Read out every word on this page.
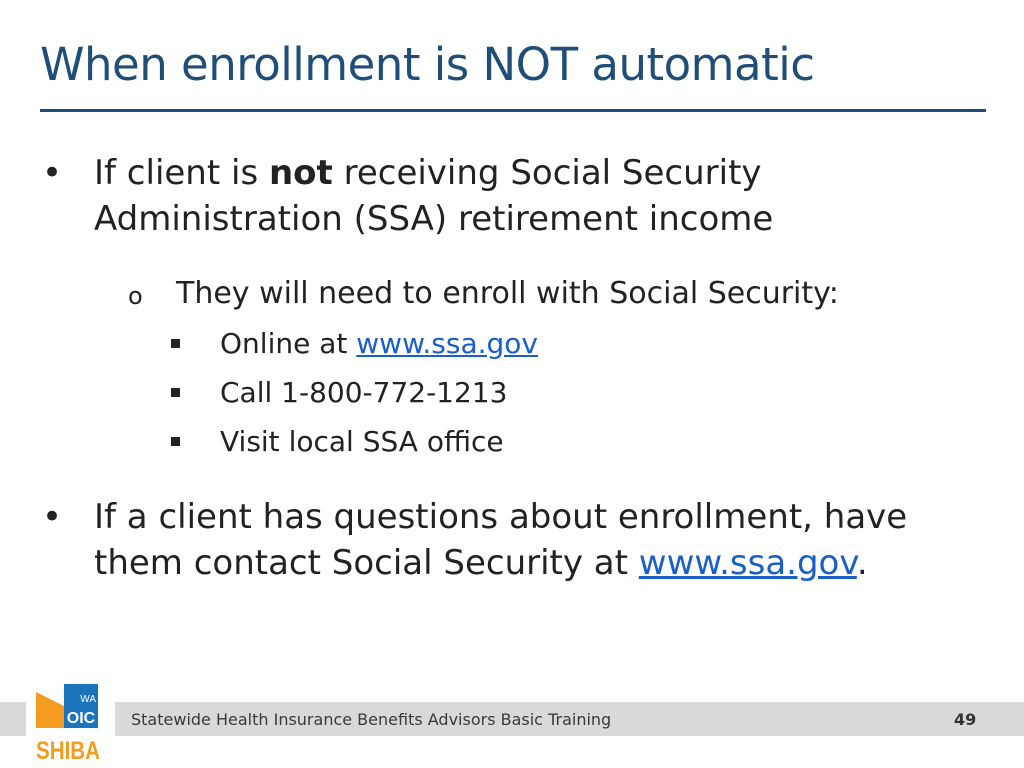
When enrollment is NOT automatic
• If client is not receiving Social Security Administration (SSA) retirement income
o They will need to enroll with Social Security:
Online at www.ssa.gov
Call 1-800-772-1213
Visit local SSA office
• If a client has questions about enrollment, have them contact Social Security at www.ssa.gov.
Statewide Health Insurance Benefits Advisors Basic Training	49
WA
OIC
SHIBA
